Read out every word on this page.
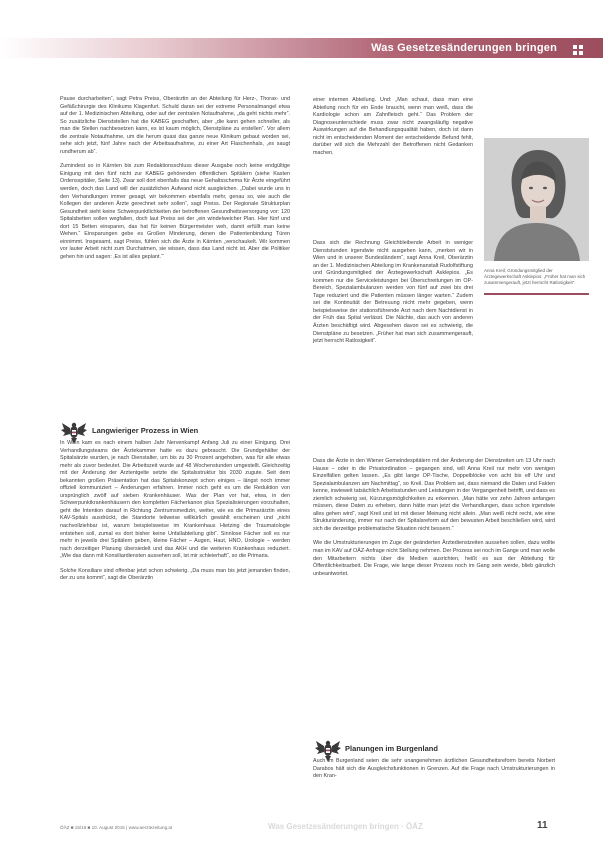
Was Gesetzesänderungen bringen

Pause durcharbeiten“, sagt Petra Preiss, Oberärztin an der Abteilung für Herz-, Thorax- und Gefäßchirurgie des Klinikums Klagenfurt. Schuld daran sei der extreme Personalmangel etwa auf der 1. Medizinischen Abteilung, oder auf der zentralen Notaufnahme, „da geht nichts mehr“. So zusätzliche Dienststellen hat die KABEG geschaffen, aber „die kann gehen schneller, als man die Stellen nachbesetzen kann, es ist kaum möglich, Dienstpläne zu erstellen“. Vor allem die zentrale Notaufnahme, um die herum quasi das ganze neue Klinikum gebaut worden sei, sehe sich jetzt, fünf Jahre nach der Arbeitsaufnahme, zu einer Art Flaschenhals, „es saugt rundherum ab“.

Zumindest so in Kärnten bis zum Redaktionsschluss dieser Ausgabe noch keine endgültige Einigung mit den fünf nicht zur KABEG gehörenden öffentlichen Spitälern (siehe Kasten Ordensspitäler, Seite 13). Zwar soll dort ebenfalls das neue Gehaltsschema für Ärzte eingeführt werden, doch das Land will der zusätzlichen Aufwand nicht ausgleichen. „Dabei wurde uns in den Verhandlungen immer gesagt, wir bekommen ebenfalls mehr, genau so, wie auch die Kollegen der anderen Ärzte gerechnet sehr sollen“, sagt Preiss. Der Regionale Strukturplan Gesundheit sieht keine Schwerpunktlichkeiten der betroffenen Gesundheitsversorgung vor: 120 Spitalsbetten sollen wegfallen, doch laut Preiss sei der „ein windelweicher Plan. Hier fünf und dort 15 Betten einsparen, das hat für keinen Bürgermeister weh, damit erfüllt man keine Wehen.“ Einsparungen gebe es Großen Minderung, denen die Patientenbindung Türen einnimmt. Insgesamt, sagt Preiss, fühlen sich die Ärzte in Kärnten „verschaukelt. Wir kommen vor lauter Arbeit nicht zum Durchatmen, sie wissen, dass das Land nicht ist. Aber die Politiker gehen hin und sagen: ‚Es ist alles geplant.‘“

Langwieriger Prozess in Wien

In Wien kam es nach einem halben Jahr Nervenkampf Anfang Juli zu einer Einigung. Drei Verhandlungsteams der Ärztekammer hatte es dazu gebraucht. Die Grundgehälter der Spitalsärzte wurden, je nach Dienstalter, um bis zu 30 Prozent angehoben, was für alle etwas mehr als zuvor bedeutet. Die Arbeitszeit wurde auf 48 Wochenstunden umgestellt. Gleichzeitig mit der Änderung der Arztentgelte setzte die Spitalsstruktur bis 2030 zugute. Seit dem bekannten großen Präsentation hat das Spitalskonzept schon einiges – längst noch immer offiziell kommuniziert – Änderungen erfahren. Immer noch geht es um die Reduktion von ursprünglich zwölf auf sieben Krankenhäuser. Was der Plan vor hat, etwa, in den Schwerpunktkrankenhäusern den kompletten Fächerkanon plus Spezialisierungen vorzuhalten, geht die Intention darauf in Richtung Zentrumsmedizin, weiter, wie es die Primarärztin eines KAV-Spitals ausdrückt, die Standorte teilweise willkürlich gewählt erscheinen und „nicht nachvollziehbar ist, warum beispielsweise im Krankenhaus Hietzing die Traumatologie entstehen soll, zumal es dort bisher keine Unfallabteilung gibt“. Sinnlose Fächer soll es nur mehr in jeweils drei Spitälern geben, kleine Fächer – Augen, Haut, HNO, Urologie – werden nach derzeitiger Planung übersiedelt und das AKH und die weiteren Krankenhaus reduziert. „Wie das dann mit Konsiliardiensten aussehen soll, ist mir schleierhaft“, so die Primaria.

Solche Konsiliare sind offenbar jetzt schon schwierig. „Da muss man bis jetzt jemanden finden, der zu uns kommt“, sagt die Oberärztin

einer internen Abteilung. Und: „Man schaut, dass man eine Abteilung noch für ein Ende braucht, wenn man weiß, dass die Kardiologie schon am Zahnfleisch geht.“ Das Problem der Diagnoseunterschiede muss zwar nicht zwangsläufig negative Auswirkungen auf die Behandlungsqualität haben, doch ist dann nicht im entscheidenden Moment der entscheidende Befund fehlt, darüber will sich die Mehrzahl der Betroffenen nicht Gedanken machen.

Dass sich die Rechnung Gleichbleibende Arbeit in weniger Dienststunden irgendwie nicht ausgehen kann, „merken wir in Wien und in unserer Bundesländern“, sagt Anna Kreil, Oberärztin an der 1. Medizinischen Abteilung im Krankenanstalt Rudolfstiftung und Gründungsmitglied der Ärztegewerkschaft Asklepios. „Es kommen nur die Serviceleistungen bei Überschreitungen im OP-Bereich, Spezialambulanzen werden von fünf auf zwei bis drei Tage reduziert und die Patienten müssen länger warten.“ Zudem sei die Kontinuität der Betreuung nicht mehr gegeben, wenn beispielsweise der stationsführende Arzt nach dem Nachtdienst in der Früh das Spital verlässt. Die Nächte, das auch von anderen Ärzten beschäftigt wird. Abgesehen davon sei es schwierig, die Dienstpläne zu besetzen. „Früher hat man sich zusammengerauft, jetzt herrscht Ratlosigkeit“.

Dass die Ärzte in den Wiener Gemeindespitälern mit der Änderung der Dienstzeiten um 13 Uhr nach Hause – oder in die Privatordination – gegangen sind, will Anna Kreil nur mehr von wenigen Einzelfällen gelten lassen. „Es gibt lange OP-Tische, Doppelblöcke von acht bis elf Uhr und Spezialambulanzen am Nachmittag“, so Kreil. Das Problem sei, dass niemand die Daten und Fakten kenne, inwieweit tatsächlich Arbeitsstunden und Leistungen in der Vergangenheit betrifft, und dass es ziemlich schwierig sei, Kürzungsmöglichkeiten zu erkennen. „Man hätte vor zehn Jahren anfangen müssen, diese Daten zu erheben, dann hätte man jetzt die Verhandlungen, dass schon irgendwie alles gehen wird“, sagt Kreil und ist mit dieser Meinung nicht allein. „Man weiß nicht recht, wie eine Strukturänderung, immer nur nach der Spitalsreform auf den bewusten Arbeit beschließen wird, wird sich die derzeitige problematische Situation nicht bessern.“

Wie die Umstrukturierungen im Zuge der geänderten Ärztedienstzeiten aussehen sollen, dazu wollte man im KAV auf OÄZ-Anfrage nicht Stellung nehmen. Der Prozess sei noch im Gange und man wolle den Mitarbeitern nichts über die Medien ausrichten, heißt es aus der Abteilung für Öffentlichkeitsarbeit. Die Frage, wie lange dieser Prozess noch im Gang sein werde, blieb gänzlich unbeantwortet.

Planungen im Burgenland

Auch im Burgenland seien die sehr unangenehmen ärztlichen Gesundheitsreform bereits Norbert Darabos hält sich die Ausgleichsfunktionen in Grenzen. Auf die Frage nach Umstrukturierungen in den Kran-

Anna Kreil, Gründungsmitglied der Ärztegewerkschaft Asklepios: „Früher hat man sich zusammengerauft, jetzt herrscht Ratlosigkeit“.
ÖÄZ ■ 15/16 ■ 10. August 2015 | www.aerztezeitung.at	Was Gesetzesänderungen bringen · ÖÄZ	11
